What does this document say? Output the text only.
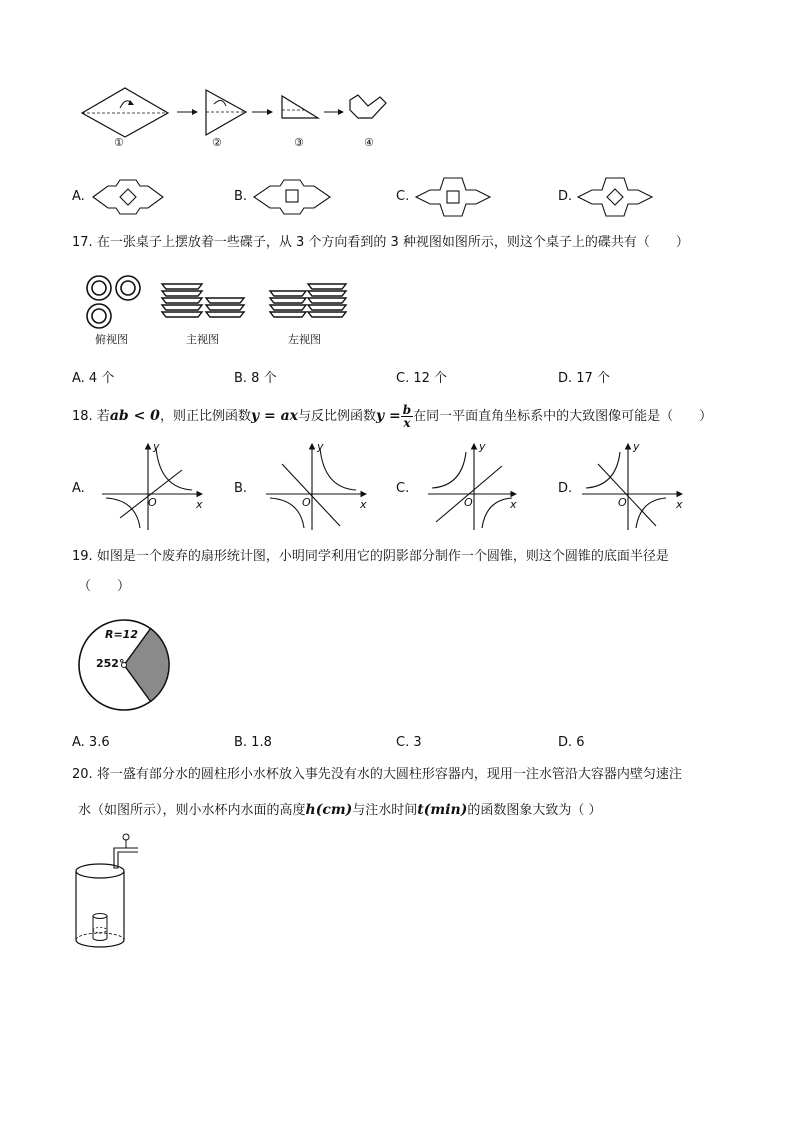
①	②	③	④
A.	B.	C.	D.
17. 在一张桌子上摆放着一些碟子，从 3 个方向看到的 3 种视图如图所示，则这个桌子上的碟共有（　　）
俯视图	主视图	左视图
A. 4 个	B. 8 个	C. 12 个	D. 17 个
18. 若ab < 0，则正比例函数y = ax与反比例函数$y = \frac{b}{x}$ 在同一平面直角坐标系中的大致图像可能是（　　）
A.	B.	C.	D.
y
x
O
y
x
O
y
x
O
y
x
O
19. 如图是一个废弃的扇形统计图，小明同学利用它的阴影部分制作一个圆锥，则这个圆锥的底面半径是
（　　）
R=12
252°
A. 3.6	B. 1.8	C. 3	D. 6
20. 将一盛有部分水的圆柱形小水杯放入事先没有水的大圆柱形容器内，现用一注水管沿大容器内壁匀速注
水（如图所示），则小水杯内水面的高度h(cm)与注水时间t(min)的函数图象大致为（ ）
